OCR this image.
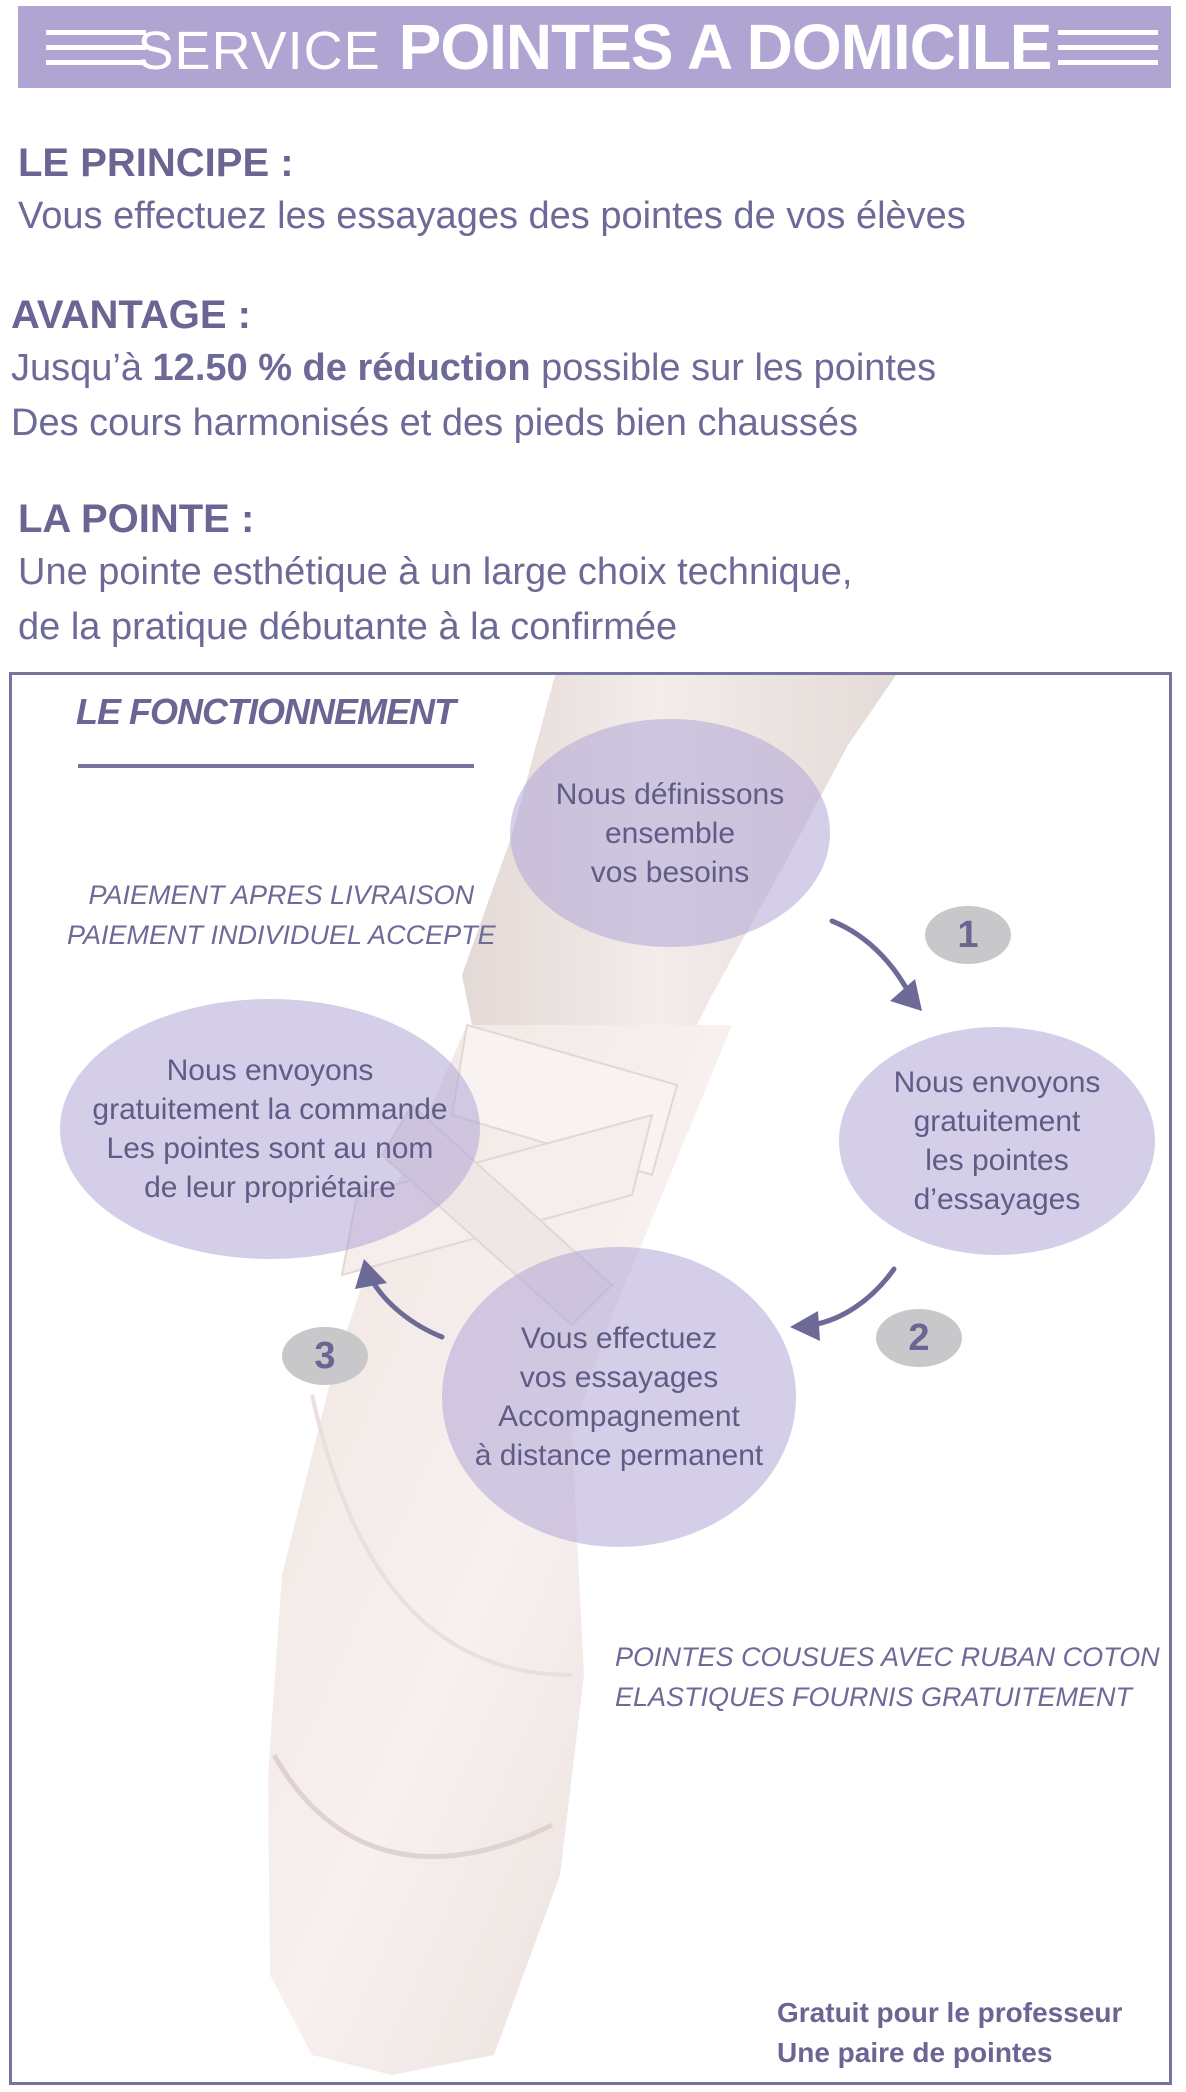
SERVICE POINTES A DOMICILE
LE PRINCIPE :
Vous effectuez les essayages des pointes de vos élèves
AVANTAGE :
Jusqu’à 12.50 % de réduction possible sur les pointes
Des cours harmonisés et des pieds bien chaussés
LA POINTE :
Une pointe esthétique à un large choix technique,
de la pratique débutante à la confirmée
LE FONCTIONNEMENT
PAIEMENT APRES LIVRAISON
PAIEMENT INDIVIDUEL ACCEPTE
POINTES COUSUES AVEC RUBAN COTON
ELASTIQUES FOURNIS GRATUITEMENT
Nous définissons
ensemble
vos besoins
Nous envoyons
gratuitement
les pointes
d’essayages
Vous effectuez
vos essayages
Accompagnement
à distance permanent
Nous envoyons
gratuitement la commande
Les pointes sont au nom
de leur propriétaire
1
2
3
Gratuit pour le professeur
Une paire de pointes
